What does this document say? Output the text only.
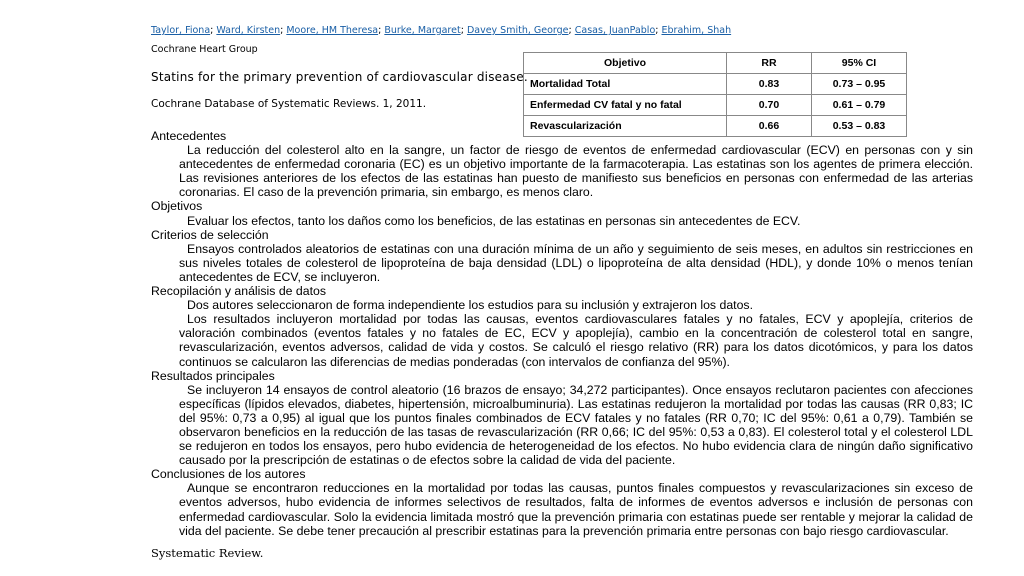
Taylor, Fiona; Ward, Kirsten; Moore, HM Theresa; Burke, Margaret; Davey Smith, George; Casas, JuanPablo; Ebrahim, Shah
Cochrane Heart Group
Statins for the primary prevention of cardiovascular disease.
Cochrane Database of Systematic Reviews. 1, 2011.
Objetivo	RR	95% CI
Mortalidad Total	0.83	0.73 – 0.95
Enfermedad CV fatal y no fatal	0.70	0.61 – 0.79
Revascularización	0.66	0.53 – 0.83

Antecedentes

La reducción del colesterol alto en la sangre, un factor de riesgo de eventos de enfermedad cardiovascular (ECV) en personas con y sin antecedentes de enfermedad coronaria (EC) es un objetivo importante de la farmacoterapia. Las estatinas son los agentes de primera elección. Las revisiones anteriores de los efectos de las estatinas han puesto de manifiesto sus beneficios en personas con enfermedad de las arterias coronarias. El caso de la prevención primaria, sin embargo, es menos claro.

Objetivos

Evaluar los efectos, tanto los daños como los beneficios, de las estatinas en personas sin antecedentes de ECV.

Criterios de selección

Ensayos controlados aleatorios de estatinas con una duración mínima de un año y seguimiento de seis meses, en adultos sin restricciones en sus niveles totales de colesterol de lipoproteína de baja densidad (LDL) o lipoproteína de alta densidad (HDL), y donde 10% o menos tenían antecedentes de ECV, se incluyeron.

Recopilación y análisis de datos

Dos autores seleccionaron de forma independiente los estudios para su inclusión y extrajeron los datos.

Los resultados incluyeron mortalidad por todas las causas, eventos cardiovasculares fatales y no fatales, ECV y apoplejía, criterios de valoración combinados (eventos fatales y no fatales de EC, ECV y apoplejía), cambio en la concentración de colesterol total en sangre, revascularización, eventos adversos, calidad de vida y costos. Se calculó el riesgo relativo (RR) para los datos dicotómicos, y para los datos continuos se calcularon las diferencias de medias ponderadas (con intervalos de confianza del 95%).

Resultados principales

Se incluyeron 14 ensayos de control aleatorio (16 brazos de ensayo; 34,272 participantes). Once ensayos reclutaron pacientes con afecciones específicas (lípidos elevados, diabetes, hipertensión, microalbuminuria). Las estatinas redujeron la mortalidad por todas las causas (RR 0,83; IC del 95%: 0,73 a 0,95) al igual que los puntos finales combinados de ECV fatales y no fatales (RR 0,70; IC del 95%: 0,61 a 0,79). También se observaron beneficios en la reducción de las tasas de revascularización (RR 0,66; IC del 95%: 0,53 a 0,83). El colesterol total y el colesterol LDL se redujeron en todos los ensayos, pero hubo evidencia de heterogeneidad de los efectos. No hubo evidencia clara de ningún daño significativo causado por la prescripción de estatinas o de efectos sobre la calidad de vida del paciente.

Conclusiones de los autores

Aunque se encontraron reducciones en la mortalidad por todas las causas, puntos finales compuestos y revascularizaciones sin exceso de eventos adversos, hubo evidencia de informes selectivos de resultados, falta de informes de eventos adversos e inclusión de personas con enfermedad cardiovascular. Solo la evidencia limitada mostró que la prevención primaria con estatinas puede ser rentable y mejorar la calidad de vida del paciente. Se debe tener precaución al prescribir estatinas para la prevención primaria entre personas con bajo riesgo cardiovascular.

Systematic Review.
